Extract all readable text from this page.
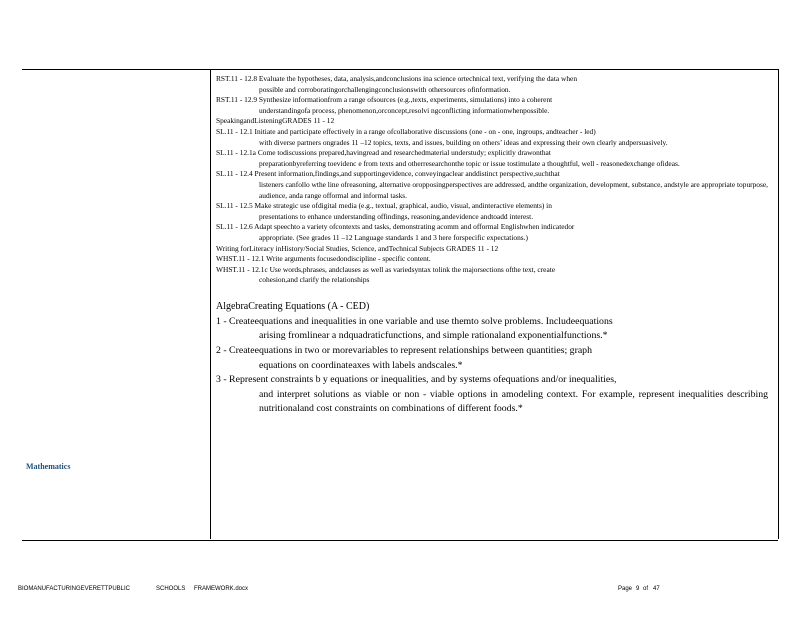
Mathematics
RST.11 - 12.8 Evaluate the hypotheses, data, analysis,andconclusions ina science ortechnical text, verifying the data when
possible and corroboratingorchallengingconclusionswith othersources ofinformation.
RST.11 - 12.9 Synthesize informationfrom a range ofsources (e.g.,texts, experiments, simulations) into a coherent
understandingofa process, phenomenon,orconcept,resolvi ngconflicting informationwhenpossible.
SpeakingandListeningGRADES 11 - 12
SL.11 - 12.1 Initiate and participate effectively in a range ofcollaborative discussions (one - on - one, ingroups, andteacher - led)
with diverse partners ongrades 11 –12 topics, texts, and issues, building on others’ ideas and expressing their own clearly andpersuasively.
SL.11 - 12.1a Come todiscussions prepared,havingread and researchedmaterial understudy; explicitly drawonthat
preparationbyreferring toevidenc e from texts and otherresearchonthe topic or issue tostimulate a thoughtful, well - reasonedexchange ofideas.
SL.11 - 12.4 Present information,findings,and supportingevidence, conveyingaclear anddistinct perspective,suchthat
listeners canfollo wthe line ofreasoning, alternative oropposingperspectives are addressed, andthe organization, development, substance, andstyle are appropriate topurpose, audience, anda range offormal and informal tasks.
SL.11 - 12.5 Make strategic use ofdigital media (e.g., textual, graphical, audio, visual, andinteractive elements) in
presentations to enhance understanding offindings, reasoning,andevidence andtoadd interest.
SL.11 - 12.6 Adapt speechto a variety ofcontexts and tasks, demonstrating acomm and offormal Englishwhen indicatedor
appropriate. (See grades 11 –12 Language standards 1 and 3 here forspecific expectations.)
Writing forLiteracy inHistory/Social Studies, Science, andTechnical Subjects GRADES 11 - 12
WHST.11 - 12.1 Write arguments focusedondiscipline - specific content.
WHST.11 - 12.1c Use words,phrases, andclauses as well as variedsyntax tolink the majorsections ofthe text, create
cohesion,and clarify the relationships
AlgebraCreating Equations (A - CED)
1 - Createequations and inequalities in one variable and use themto solve problems. Includeequations
arising fromlinear a ndquadraticfunctions, and simple rationaland exponentialfunctions.*
2 - Createequations in two or morevariables to represent relationships between quantities; graph
equations on coordinateaxes with labels andscales.*
3 - Represent constraints b y equations or inequalities, and by systems ofequations and/or inequalities,
and interpret solutions as viable or non - viable options in amodeling context. For example, represent inequalities describing nutritionaland cost constraints on combinations of different foods.*
BIOMANUFACTURINGEVERETTPUBLIC	SCHOOLS FRAMEWORK.docx	Page 9 of 47
